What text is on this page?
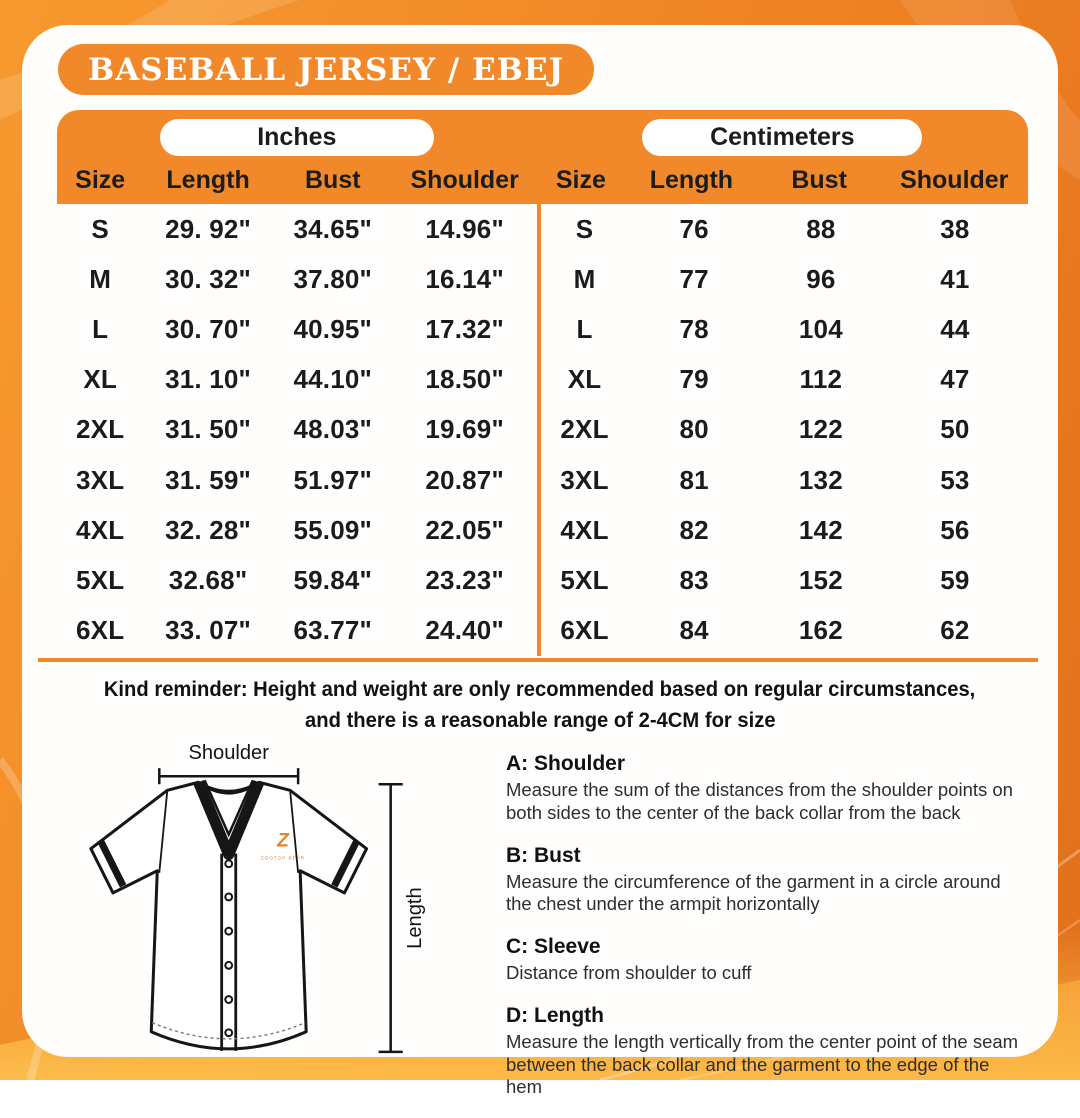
BASEBALL JERSEY / EBEJ
Inches
Size	Length	Bust	Shoulder
Centimeters
Size	Length	Bust	Shoulder
S	29. 92"	34.65"	14.96"
M	30. 32"	37.80"	16.14"
L	30. 70"	40.95"	17.32"
XL	31. 10"	44.10"	18.50"
2XL	31. 50"	48.03"	19.69"
3XL	31. 59"	51.97"	20.87"
4XL	32. 28"	55.09"	22.05"
5XL	32.68"	59.84"	23.23"
6XL	33. 07"	63.77"	24.40"
S	76	88	38
M	77	96	41
L	78	104	44
XL	79	112	47
2XL	80	122	50
3XL	81	132	53
4XL	82	142	56
5XL	83	152	59
6XL	84	162	62

Kind reminder: Height and weight are only recommended based on regular circumstances,
and there is a reasonable range of 2-4CM for size

Shoulder
Length
Z
ZOOTOP BEAR
A: Shoulder
Measure the sum of the distances from the shoulder points on both sides to the center of the back collar from the back
B: Bust
Measure the circumference of the garment in a circle around the chest under the armpit horizontally
C: Sleeve
Distance from shoulder to cuff
D: Length
Measure the length vertically from the center point of the seam between the back collar and the garment to the edge of the hem
